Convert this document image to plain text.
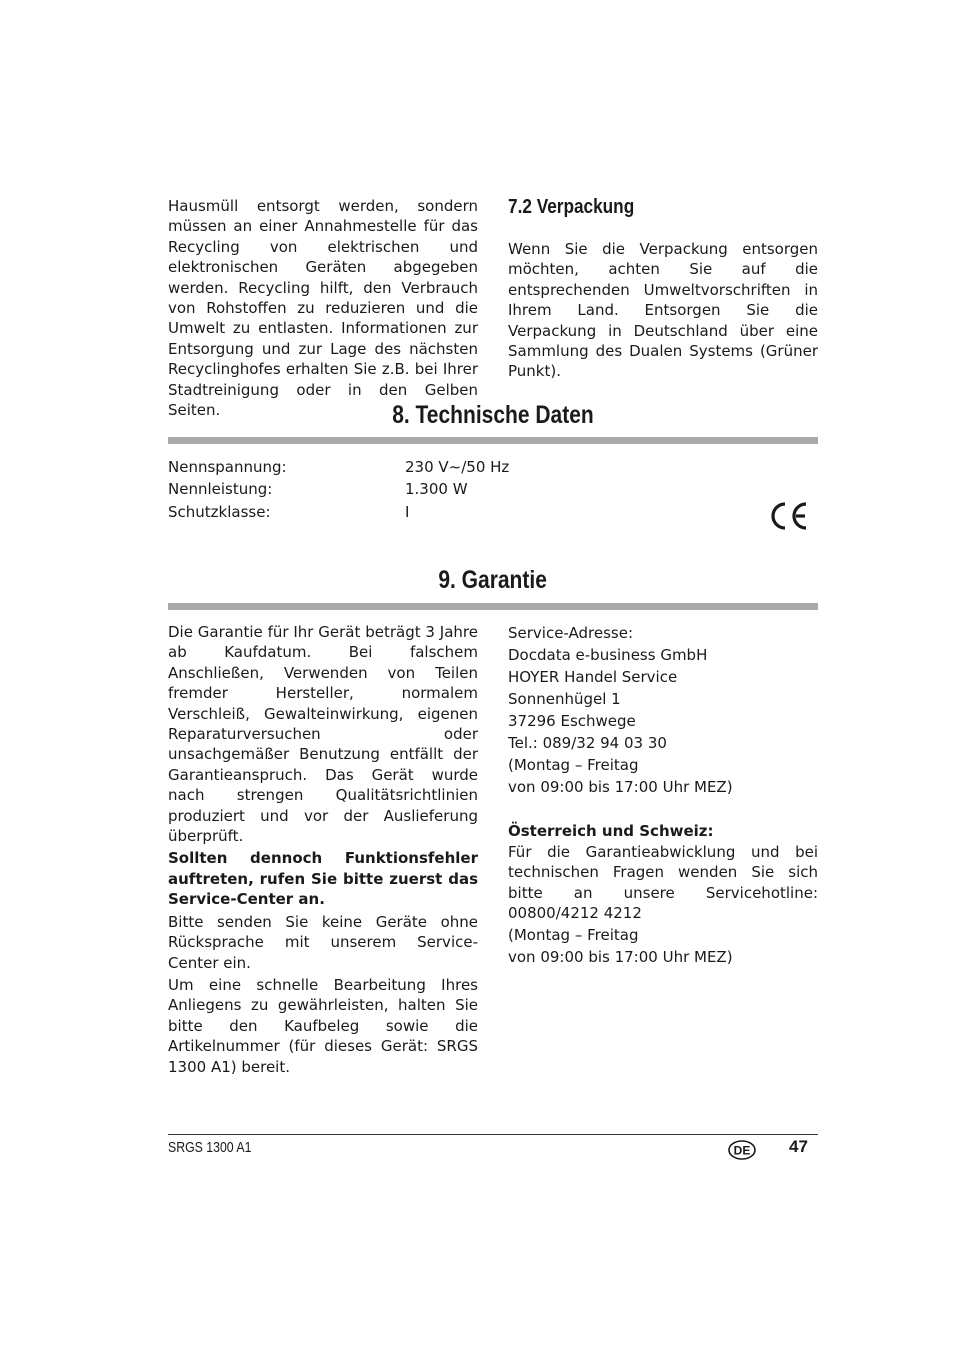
Hausmüll entsorgt werden, sondern müssen an einer Annahmestelle für das Recycling von elektrischen und elektronischen Geräten abgegeben werden. Recycling hilft, den Verbrauch von Rohstoffen zu reduzieren und die Umwelt zu entlasten. Informationen zur Entsorgung und zur Lage des nächsten Recyclinghofes erhalten Sie z.B. bei Ihrer Stadtreinigung oder in den Gelben Seiten.

7.2 Verpackung

Wenn Sie die Verpackung entsorgen möchten, achten Sie auf die entsprechenden Umweltvorschriften in Ihrem Land. Entsorgen Sie die Verpackung in Deutschland über eine Sammlung des Dualen Systems (Grüner Punkt).

8. Technische Daten
Nennspannung:	230 V~/50 Hz
Nennleistung:	1.300 W
Schutzklasse:	I
9. Garantie

Die Garantie für Ihr Gerät beträgt 3 Jahre ab Kaufdatum. Bei falschem Anschließen, Verwenden von Teilen fremder Hersteller, normalem Verschleiß, Gewalteinwirkung, eigenen Reparaturversuchen oder unsachgemäßer Benutzung entfällt der Garantieanspruch. Das Gerät wurde nach strengen Qualitätsrichtlinien produziert und vor der Auslieferung überprüft.

Sollten dennoch Funktionsfehler auftreten, rufen Sie bitte zuerst das Service-Center an.

Bitte senden Sie keine Geräte ohne Rücksprache mit unserem Service-Center ein.

Um eine schnelle Bearbeitung Ihres Anliegens zu gewährleisten, halten Sie bitte den Kaufbeleg sowie die Artikelnummer (für dieses Gerät: SRGS 1300 A1) bereit.

Service-Adresse:

Docdata e-business GmbH

HOYER Handel Service

Sonnenhügel 1

37296 Eschwege

Tel.: 089/32 94 03 30

(Montag – Freitag

von 09:00 bis 17:00 Uhr MEZ)

Österreich und Schweiz:

Für die Garantieabwicklung und bei technischen Fragen wenden Sie sich bitte an unsere Servicehotline: 00800/4212 4212

(Montag – Freitag

von 09:00 bis 17:00 Uhr MEZ)

SRGS 1300 A1	DE 47
